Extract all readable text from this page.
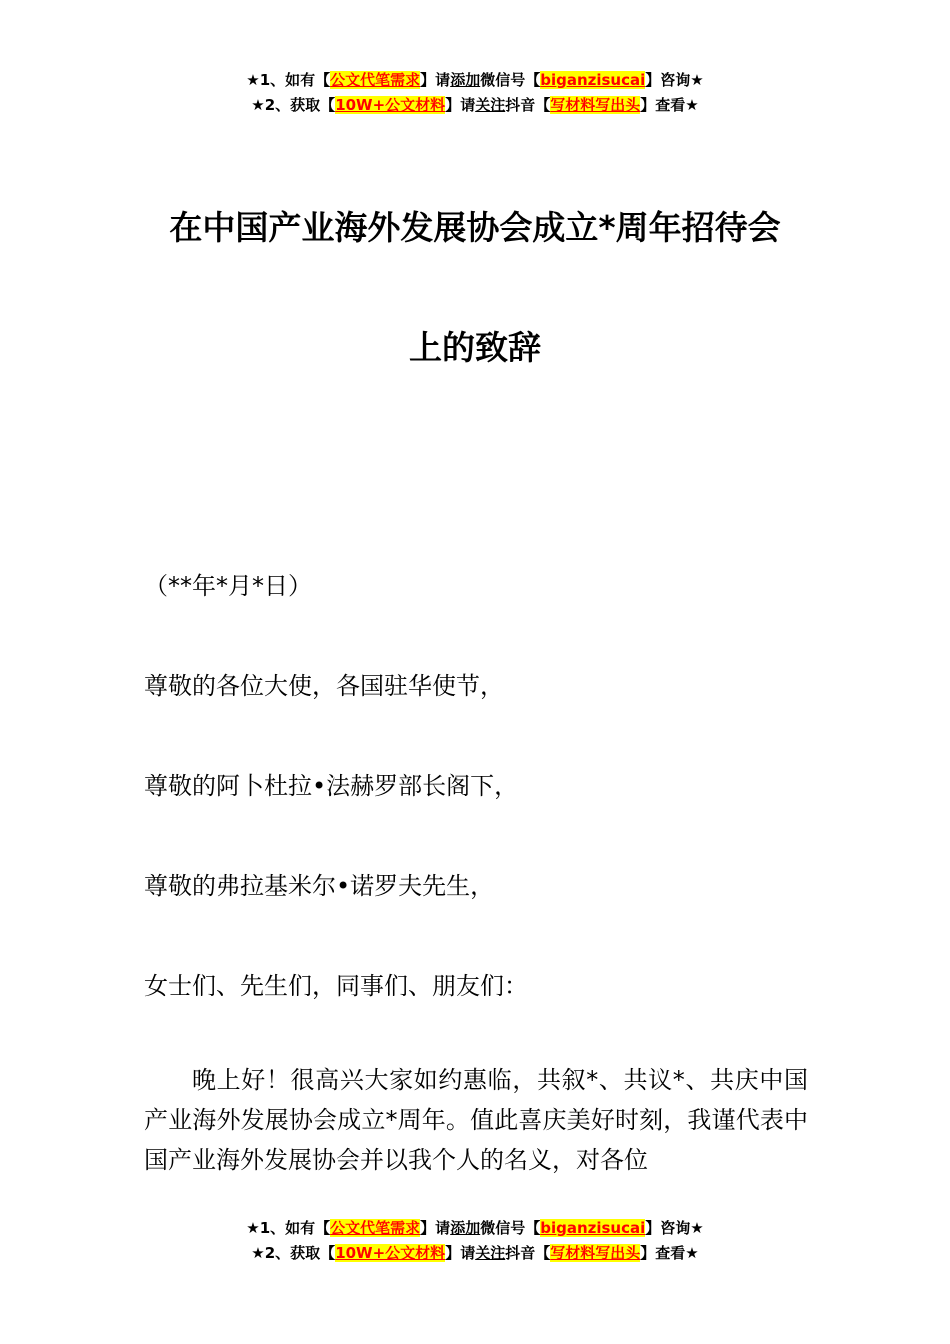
★1、如有【公文代笔需求】请添加微信号【biganzisucai】咨询★
★2、获取【10W+公文材料】请关注抖音【写材料写出头】查看★
在中国产业海外发展协会成立*周年招待会
上的致辞
（**年*月*日）
尊敬的各位大使，各国驻华使节，
尊敬的阿卜杜拉•法赫罗部长阁下，
尊敬的弗拉基米尔•诺罗夫先生，
女士们、先生们，同事们、朋友们：
晚上好！很高兴大家如约惠临，共叙*、共议*、共庆中国产业海外发展协会成立*周年。值此喜庆美好时刻，我谨代表中国产业海外发展协会并以我个人的名义，对各位
★1、如有【公文代笔需求】请添加微信号【biganzisucai】咨询★
★2、获取【10W+公文材料】请关注抖音【写材料写出头】查看★
